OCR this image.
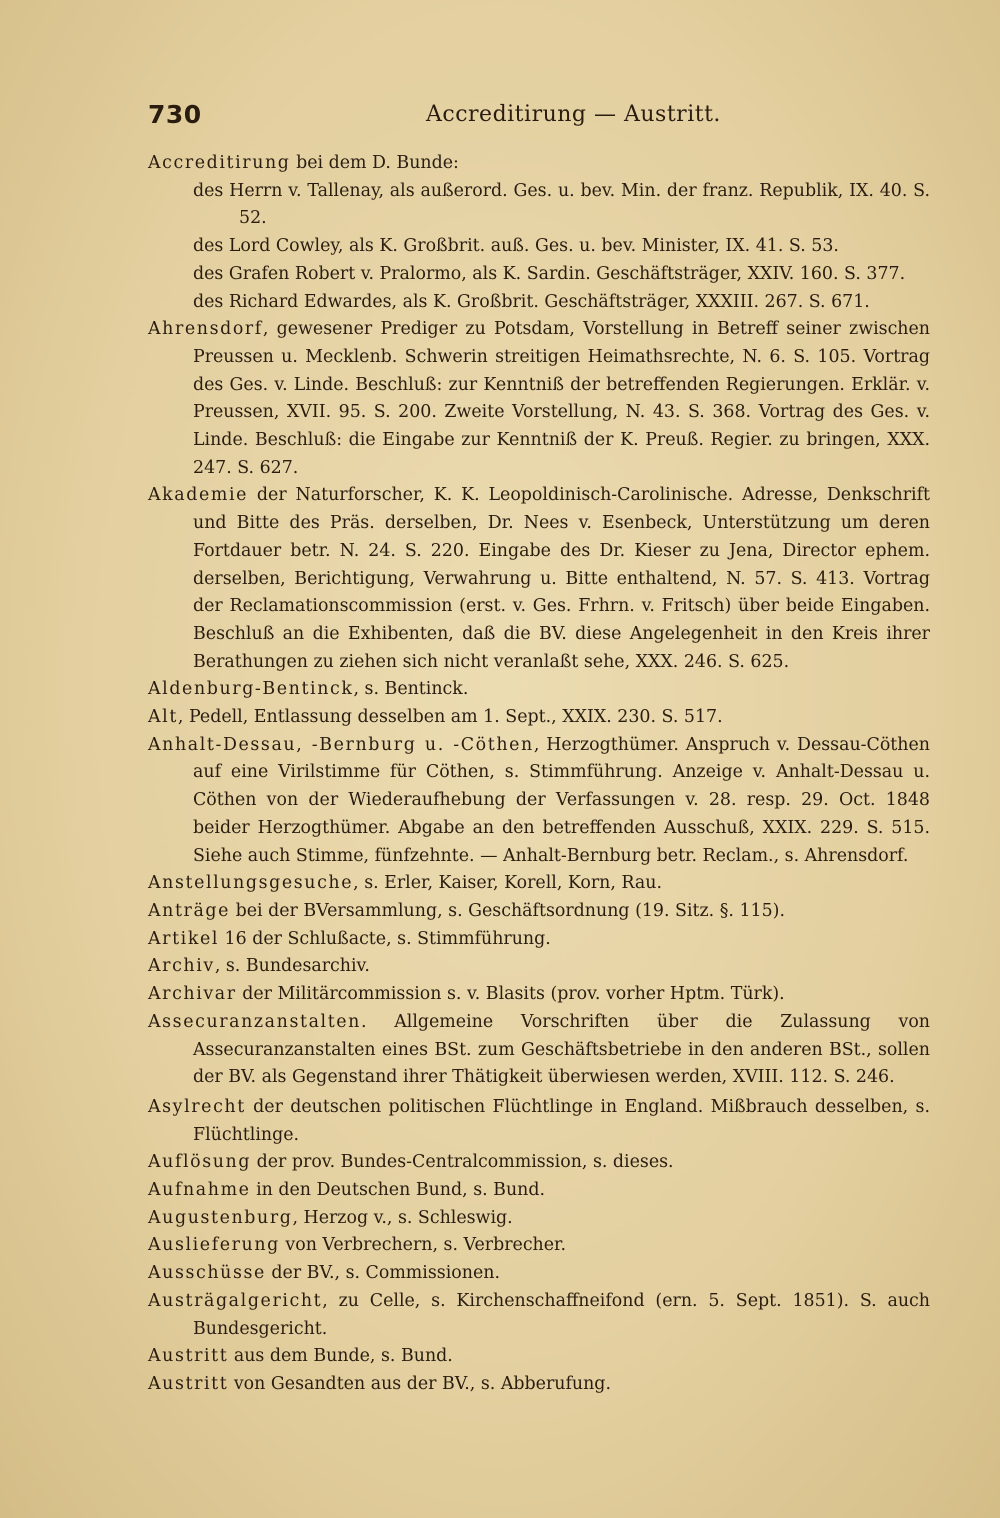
730	Accreditirung — Austritt.

Accreditirung bei dem D. Bunde:

des Herrn v. Tallenay, als außerord. Ges. u. bev. Min. der franz. Republik, IX. 40. S. 52.

des Lord Cowley, als K. Großbrit. auß. Ges. u. bev. Minister, IX. 41. S. 53.

des Grafen Robert v. Pralormo, als K. Sardin. Geschäftsträger, XXIV. 160. S. 377.

des Richard Edwardes, als K. Großbrit. Geschäftsträger, XXXIII. 267. S. 671.

Ahrensdorf, gewesener Prediger zu Potsdam, Vorstellung in Betreff seiner zwischen Preussen u. Mecklenb. Schwerin streitigen Heimathsrechte, N. 6. S. 105. Vortrag des Ges. v. Linde. Beschluß: zur Kenntniß der betreffenden Regierungen. Erklär. v. Preussen, XVII. 95. S. 200. Zweite Vorstellung, N. 43. S. 368. Vortrag des Ges. v. Linde. Beschluß: die Eingabe zur Kenntniß der K. Preuß. Regier. zu bringen, XXX. 247. S. 627.

Akademie der Naturforscher, K. K. Leopoldinisch-Carolinische. Adresse, Denkschrift und Bitte des Präs. derselben, Dr. Nees v. Esenbeck, Unterstützung um deren Fortdauer betr. N. 24. S. 220. Eingabe des Dr. Kieser zu Jena, Director ephem. derselben, Berichtigung, Verwahrung u. Bitte enthaltend, N. 57. S. 413. Vortrag der Reclamationscommission (erst. v. Ges. Frhrn. v. Fritsch) über beide Eingaben. Beschluß an die Exhibenten, daß die BV. diese Angelegenheit in den Kreis ihrer Berathungen zu ziehen sich nicht veranlaßt sehe, XXX. 246. S. 625.

Aldenburg-Bentinck, s. Bentinck.

Alt, Pedell, Entlassung desselben am 1. Sept., XXIX. 230. S. 517.

Anhalt-Dessau, -Bernburg u. -Cöthen, Herzogthümer. Anspruch v. Dessau-Cöthen auf eine Virilstimme für Cöthen, s. Stimmführung. Anzeige v. Anhalt-Dessau u. Cöthen von der Wiederaufhebung der Verfassungen v. 28. resp. 29. Oct. 1848 beider Herzogthümer. Abgabe an den betreffenden Ausschuß, XXIX. 229. S. 515. Siehe auch Stimme, fünfzehnte. — Anhalt-Bernburg betr. Reclam., s. Ahrensdorf.

Anstellungsgesuche, s. Erler, Kaiser, Korell, Korn, Rau.

Anträge bei der BVersammlung, s. Geschäftsordnung (19. Sitz. §. 115).

Artikel 16 der Schlußacte, s. Stimmführung.

Archiv, s. Bundesarchiv.

Archivar der Militärcommission s. v. Blasits (prov. vorher Hptm. Türk).

Assecuranzanstalten. Allgemeine Vorschriften über die Zulassung von Assecuranzanstalten eines BSt. zum Geschäftsbetriebe in den anderen BSt., sollen der BV. als Gegenstand ihrer Thätigkeit überwiesen werden, XVIII. 112. S. 246.

Asylrecht der deutschen politischen Flüchtlinge in England. Mißbrauch desselben, s. Flüchtlinge.

Auflösung der prov. Bundes-Centralcommission, s. dieses.

Aufnahme in den Deutschen Bund, s. Bund.

Augustenburg, Herzog v., s. Schleswig.

Auslieferung von Verbrechern, s. Verbrecher.

Ausschüsse der BV., s. Commissionen.

Austrägalgericht, zu Celle, s. Kirchenschaffneifond (ern. 5. Sept. 1851). S. auch Bundesgericht.

Austritt aus dem Bunde, s. Bund.

Austritt von Gesandten aus der BV., s. Abberufung.
